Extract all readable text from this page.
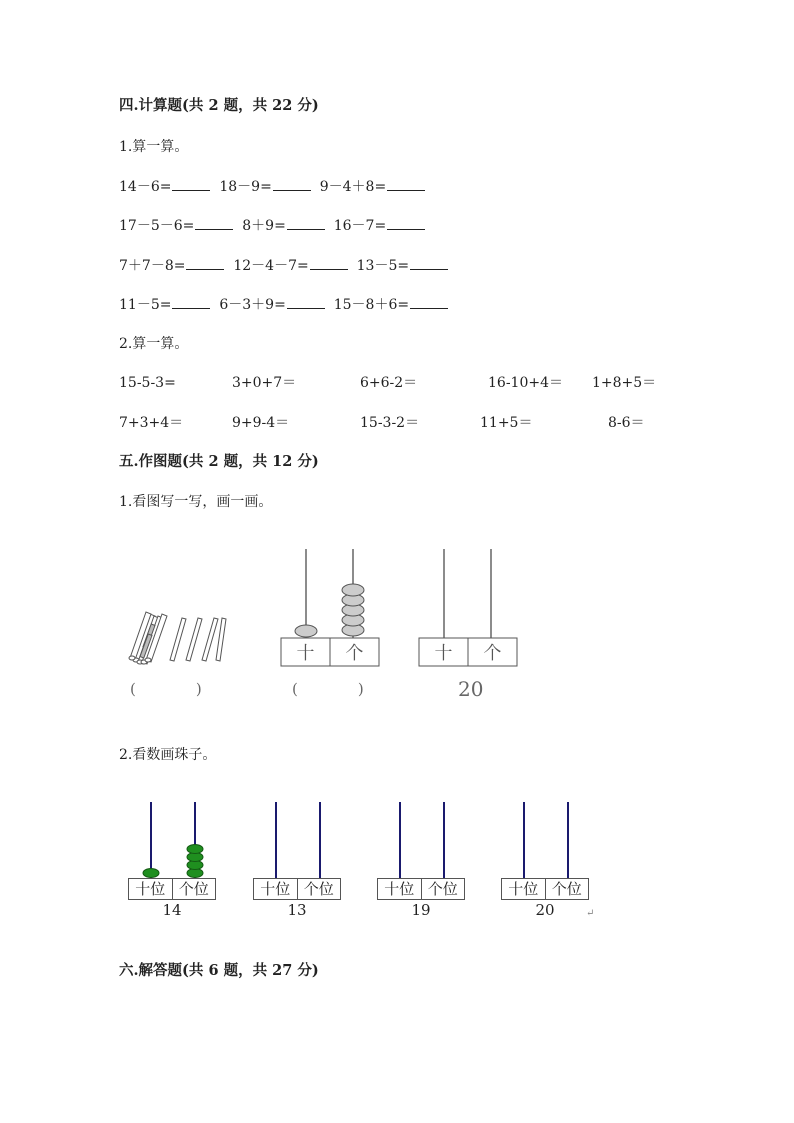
四.计算题(共 2 题，共 22 分)
1.算一算。
14－6=	18－9=	9－4＋8=
17－5－6=	8＋9=	16－7=
7＋7－8=	12－4－7=	13－5=
11－5=	6－3＋9=	15－8＋6=
2.算一算。
15-5-3=	3+0+7＝	6+6-2＝	16-10+4＝ 1+8+5＝
7+3+4＝	9+9-4＝	15-3-2＝	11+5＝	8-6＝
五.作图题(共 2 题，共 12 分)
1.看图写一写，画一画。
(	)
十	个
(	)
十	个
20
2.看数画珠子。
十位 个位
14
十位 个位
13
十位 个位
19
十位 个位
20	↵
六.解答题(共 6 题，共 27 分)
